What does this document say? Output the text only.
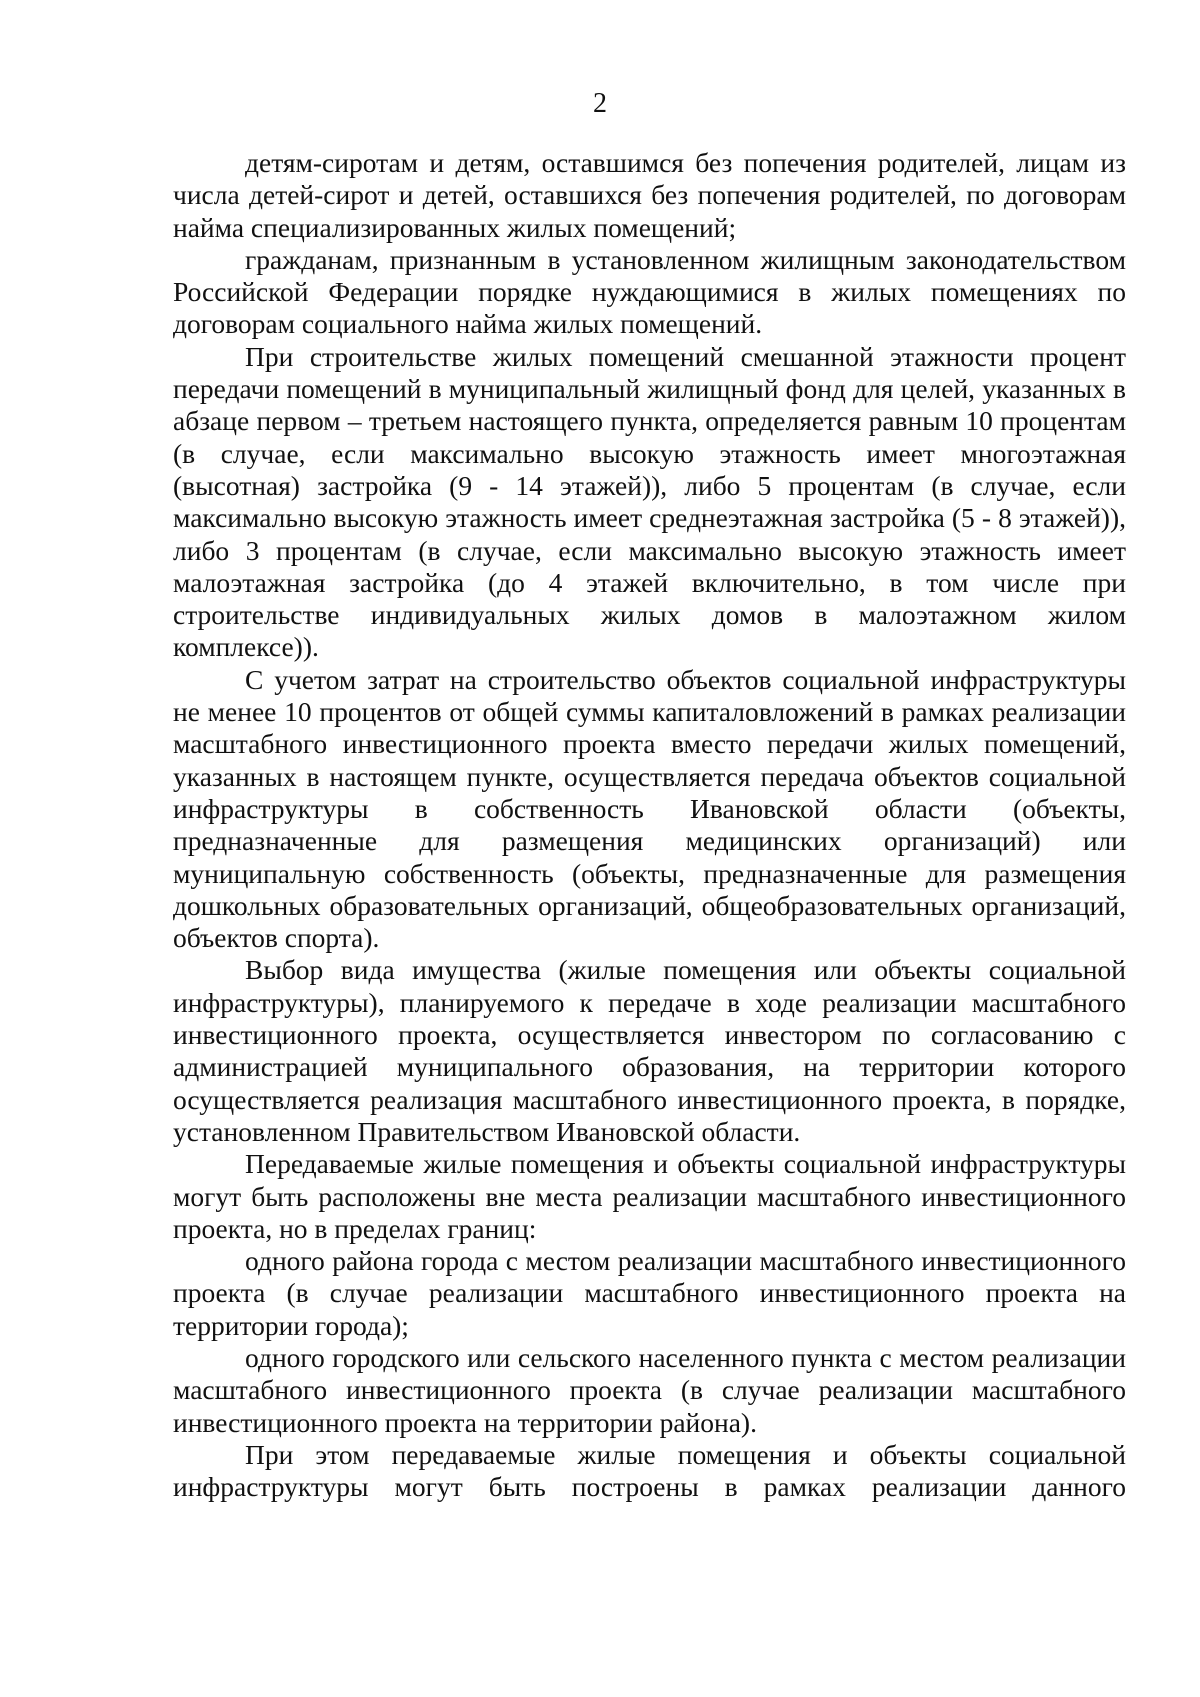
2

детям-сиротам и детям, оставшимся без попечения родителей, лицам из числа детей-сирот и детей, оставшихся без попечения родителей, по договорам найма специализированных жилых помещений;

гражданам, признанным в установленном жилищным законодательством Российской Федерации порядке нуждающимися в жилых помещениях по договорам социального найма жилых помещений.

При строительстве жилых помещений смешанной этажности процент передачи помещений в муниципальный жилищный фонд для целей, указанных в абзаце первом – третьем настоящего пункта, определяется равным 10 процентам (в случае, если максимально высокую этажность имеет многоэтажная (высотная) застройка (9 - 14 этажей)), либо 5 процентам (в случае, если максимально высокую этажность имеет среднеэтажная застройка (5 - 8 этажей)), либо 3 процентам (в случае, если максимально высокую этажность имеет малоэтажная застройка (до 4 этажей включительно, в том числе при строительстве индивидуальных жилых домов в малоэтажном жилом комплексе)).

С учетом затрат на строительство объектов социальной инфраструктуры не менее 10 процентов от общей суммы капиталовложений в рамках реализации масштабного инвестиционного проекта вместо передачи жилых помещений, указанных в настоящем пункте, осуществляется передача объектов социальной инфраструктуры в собственность Ивановской области (объекты, предназначенные для размещения медицинских организаций) или муниципальную собственность (объекты, предназначенные для размещения дошкольных образовательных организаций, общеобразовательных организаций, объектов спорта).

Выбор вида имущества (жилые помещения или объекты социальной инфраструктуры), планируемого к передаче в ходе реализации масштабного инвестиционного проекта, осуществляется инвестором по согласованию с администрацией муниципального образования, на территории которого осуществляется реализация масштабного инвестиционного проекта, в порядке, установленном Правительством Ивановской области.

Передаваемые жилые помещения и объекты социальной инфраструктуры могут быть расположены вне места реализации масштабного инвестиционного проекта, но в пределах границ:

одного района города с местом реализации масштабного инвестиционного проекта (в случае реализации масштабного инвестиционного проекта на территории города);

одного городского или сельского населенного пункта с местом реализации масштабного инвестиционного проекта (в случае реализации масштабного инвестиционного проекта на территории района).

При этом передаваемые жилые помещения и объекты социальной инфраструктуры могут быть построены в рамках реализации данного
